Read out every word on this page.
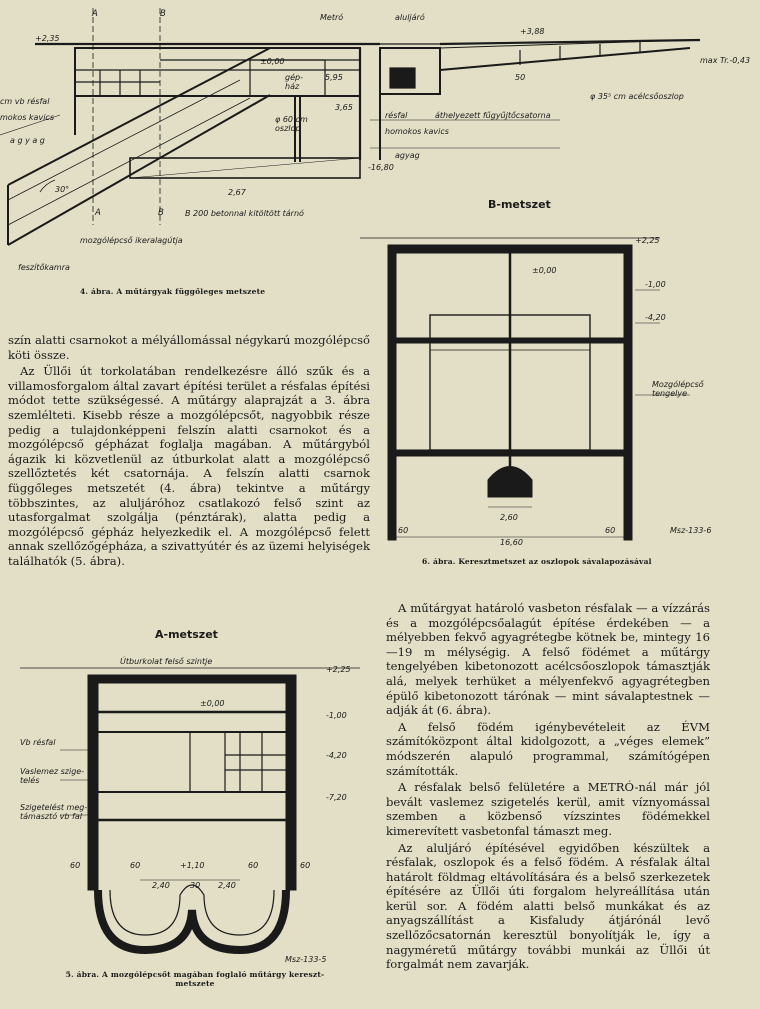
A	B
A	B
+2,35
Metró	aluljáró
+3,88
max Tr.-0,43
±0,00
gép-ház
φ 60 cm oszlop
φ 35⁵ cm acélcsőoszlop
cm vb résfal
mokos kavics
a g y a g
résfal	áthelyezett fűgyűjtőcsatorna
homokos kavics
agyag
-16,80
30°
B 200 betonnal kitöltött tárnó
mozgólépcső ikeralagútja
feszítőkamra
2,67
5,95
3,65
50
4. ábra. A műtárgyak függőleges metszete
B-metszet
+2,25
±0,00
-1,00
-4,20
Mozgólépcső tengelye
2,60
16,60
60	60	Msz-133-6
6. ábra. Keresztmetszet az oszlopok sávalapozásával

szín alatti csarnokot a mélyállomással négykarú mozgólépcső köti össze.

Az Üllői út torkolatában rendelkezésre álló szűk és a villamosforgalom által zavart építési terület a résfalas építési módot tette szükségessé. A műtárgy alaprajzát a 3. ábra szemlélteti. Kisebb része a mozgólépcsőt, nagyobbik része pedig a tulajdonképpeni felszín alatti csarnokot és a mozgólépcső gépházat foglalja magában. A műtárgyból ágazik ki közvetlenül az útburkolat alatt a mozgólépcső szellőztetés két csatornája. A felszín alatti csarnok függőleges metszetét (4. ábra) tekintve a műtárgy többszintes, az aluljáróhoz csatlakozó felső szint az utasforgalmat szolgálja (pénztárak), alatta pedig a mozgólépcső gépház helyezkedik el. A mozgólépcső felett annak szellőzőgépháza, a szivattyútér és az üzemi helyiségek találhatók (5. ábra).

A-metszet
Útburkolat felső szintje
+2,25
±0,00
-1,00
-4,20
-7,20
Vb résfal
Vaslemez szige-telés
Szigetelést meg-támasztó vb fal
60	60	60	60
+1,10
2,40	2,40
30
Msz-133-5
5. ábra. A mozgólépcsőt magában foglaló műtárgy kereszt-
metszete

A műtárgyat határoló vasbeton résfalak — a vízzárás és a mozgólépcsőalagút építése érdekében — a mélyebben fekvő agyagrétegbe kötnek be, mintegy 16—19 m mélységig. A felső födémet a műtárgy tengelyében kibetonozott acélcsőoszlopok támasztják alá, melyek terhüket a mélyenfekvő agyagrétegben épülő kibetonozott tárónak — mint sávalaptestnek — adják át (6. ábra).

A felső födém igénybevételeit az ÉVM számítóközpont által kidolgozott, a „véges elemek” módszerén alapuló programmal, számítógépen számították.

A résfalak belső felületére a METRÓ-nál már jól bevált vaslemez szigetelés kerül, amit víznyomással szemben a közbenső vízszintes födémekkel kimerevített vasbetonfal támaszt meg.

Az aluljáró építésével egyidőben készültek a résfalak, oszlopok és a felső födém. A résfalak által határolt földmag eltávolítására és a belső szerkezetek építésére az Üllői úti forgalom helyreállítása után kerül sor. A födém alatti belső munkákat és az anyagszállítást a Kisfaludy átjárónál levő szellőzőcsatornán keresztül bonyolítják le, így a nagyméretű műtárgy további munkái az Üllői út forgalmát nem zavarják.
